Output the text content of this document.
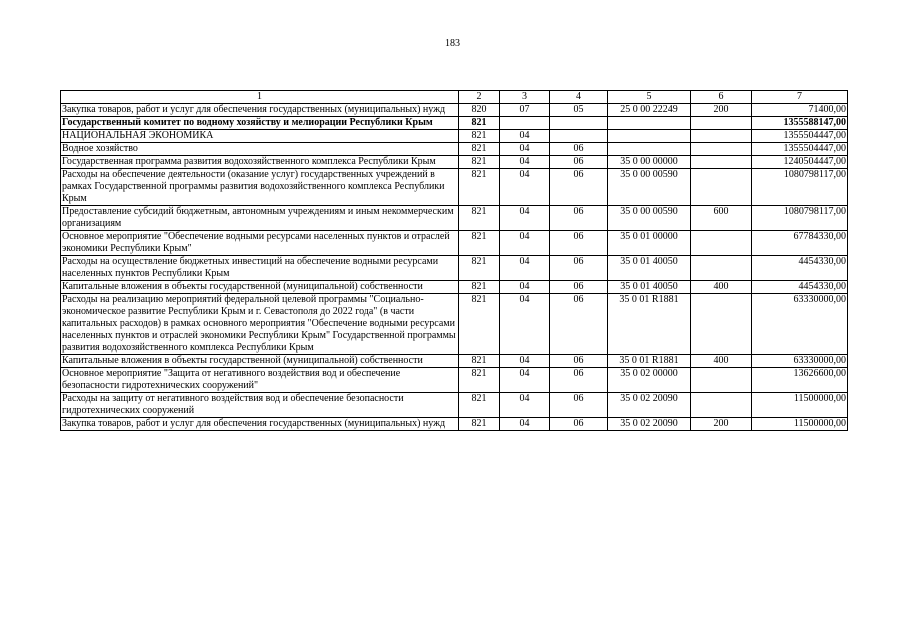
183
1	2	3	4	5	6	7
Закупка товаров, работ и услуг для обеспечения государственных (муниципальных) нужд	820	07	05	25 0 00 22249	200	71400,00
Государственный комитет по водному хозяйству и мелиорации Республики Крым	821					1355588147,00
НАЦИОНАЛЬНАЯ ЭКОНОМИКА	821	04				1355504447,00
Водное хозяйство	821	04	06			1355504447,00
Государственная программа развития водохозяйственного комплекса Республики Крым	821	04	06	35 0 00 00000		1240504447,00
Расходы на обеспечение деятельности (оказание услуг) государственных учреждений в рамках Государственной программы развития водохозяйственного комплекса Республики Крым	821	04	06	35 0 00 00590		1080798117,00
Предоставление субсидий бюджетным, автономным учреждениям и иным некоммерческим организациям	821	04	06	35 0 00 00590	600	1080798117,00
Основное мероприятие "Обеспечение водными ресурсами населенных пунктов и отраслей экономики Республики Крым"	821	04	06	35 0 01 00000		67784330,00
Расходы на осуществление бюджетных инвестиций на обеспечение водными ресурсами населенных пунктов Республики Крым	821	04	06	35 0 01 40050		4454330,00
Капитальные вложения в объекты государственной (муниципальной) собственности	821	04	06	35 0 01 40050	400	4454330,00
Расходы на реализацию мероприятий федеральной целевой программы "Социально-экономическое развитие Республики Крым и г. Севастополя до 2022 года" (в части капитальных расходов) в рамках основного мероприятия "Обеспечение водными ресурсами населенных пунктов и отраслей экономики Республики Крым" Государственной программы развития водохозяйственного комплекса Республики Крым	821	04	06	35 0 01 R1881		63330000,00
Капитальные вложения в объекты государственной (муниципальной) собственности	821	04	06	35 0 01 R1881	400	63330000,00
Основное мероприятие "Защита от негативного воздействия вод и обеспечение безопасности гидротехнических сооружений"	821	04	06	35 0 02 00000		13626600,00
Расходы на защиту от негативного воздействия вод и обеспечение безопасности гидротехнических сооружений	821	04	06	35 0 02 20090		11500000,00
Закупка товаров, работ и услуг для обеспечения государственных (муниципальных) нужд	821	04	06	35 0 02 20090	200	11500000,00
